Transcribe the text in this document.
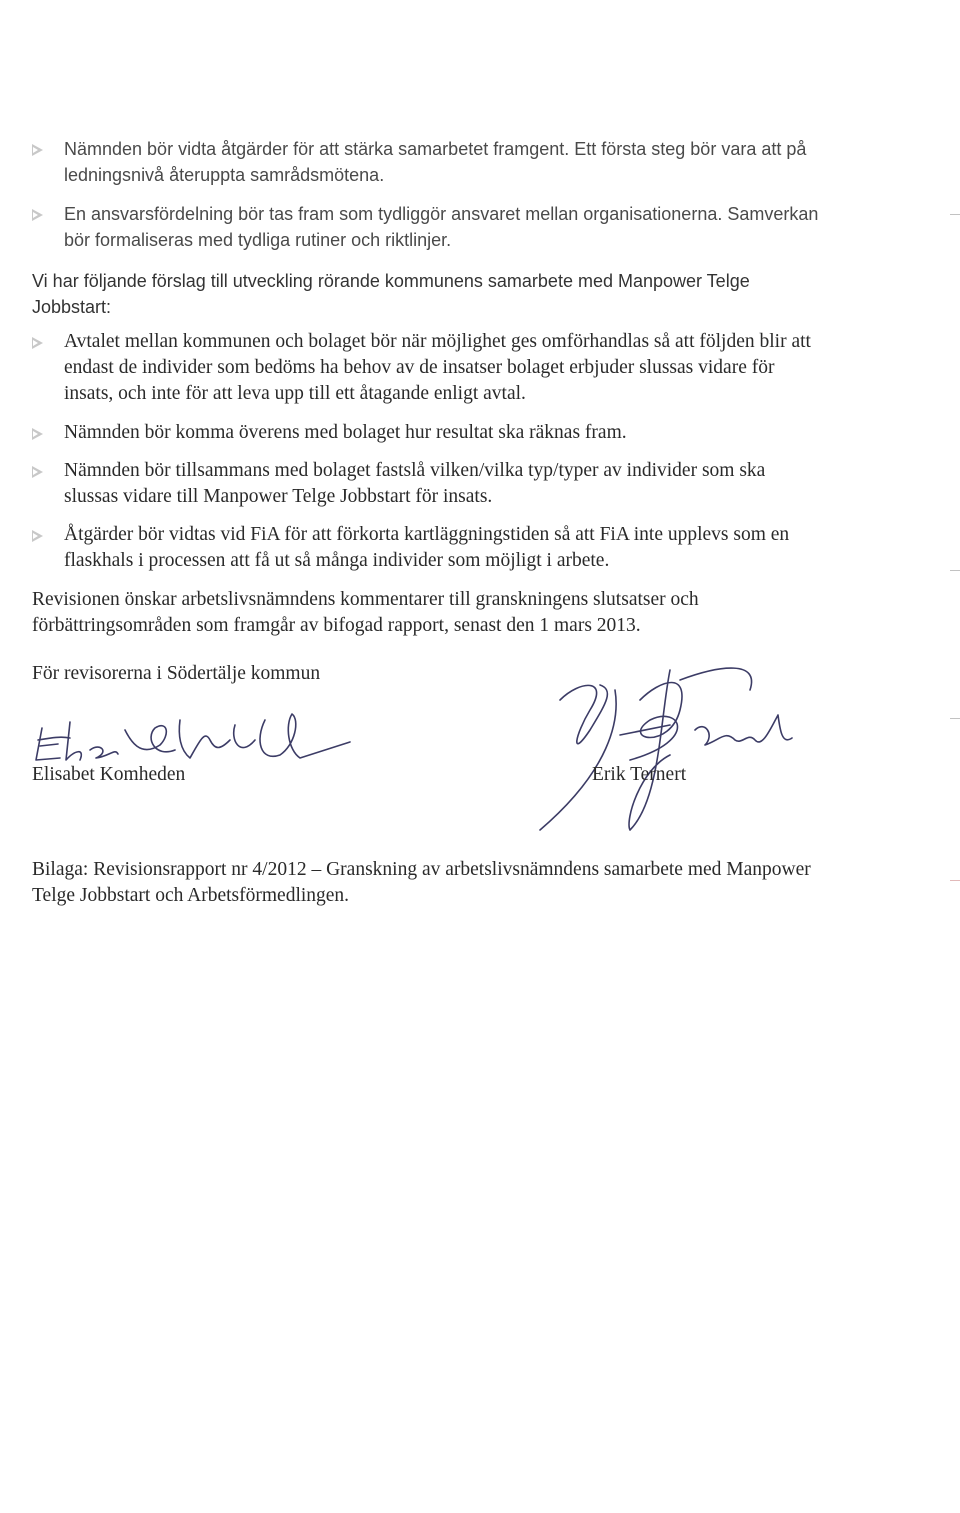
Nämnden bör vidta åtgärder för att stärka samarbetet framgent. Ett första steg bör vara att på ledningsnivå återuppta samrådsmötena.
En ansvarsfördelning bör tas fram som tydliggör ansvaret mellan organisationerna. Samverkan bör formaliseras med tydliga rutiner och riktlinjer.
Vi har följande förslag till utveckling rörande kommunens samarbete med Manpower Telge Jobbstart:
Avtalet mellan kommunen och bolaget bör när möjlighet ges omförhandlas så att följden blir att endast de individer som bedöms ha behov av de insatser bolaget erbjuder slussas vidare för insats, och inte för att leva upp till ett åtagande enligt avtal.
Nämnden bör komma överens med bolaget hur resultat ska räknas fram.
Nämnden bör tillsammans med bolaget fastslå vilken/vilka typ/typer av individer som ska slussas vidare till Manpower Telge Jobbstart för insats.
Åtgärder bör vidtas vid FiA för att förkorta kartläggningstiden så att FiA inte upplevs som en flaskhals i processen att få ut så många individer som möjligt i arbete.
Revisionen önskar arbetslivsnämndens kommentarer till granskningens slutsatser och förbättringsområden som framgår av bifogad rapport, senast den 1 mars 2013.
För revisorerna i Södertälje kommun
Elisabet Komheden	Erik Ternert
Bilaga: Revisionsrapport nr 4/2012 – Granskning av arbetslivsnämndens samarbete med Manpower Telge Jobbstart och Arbetsförmedlingen.
